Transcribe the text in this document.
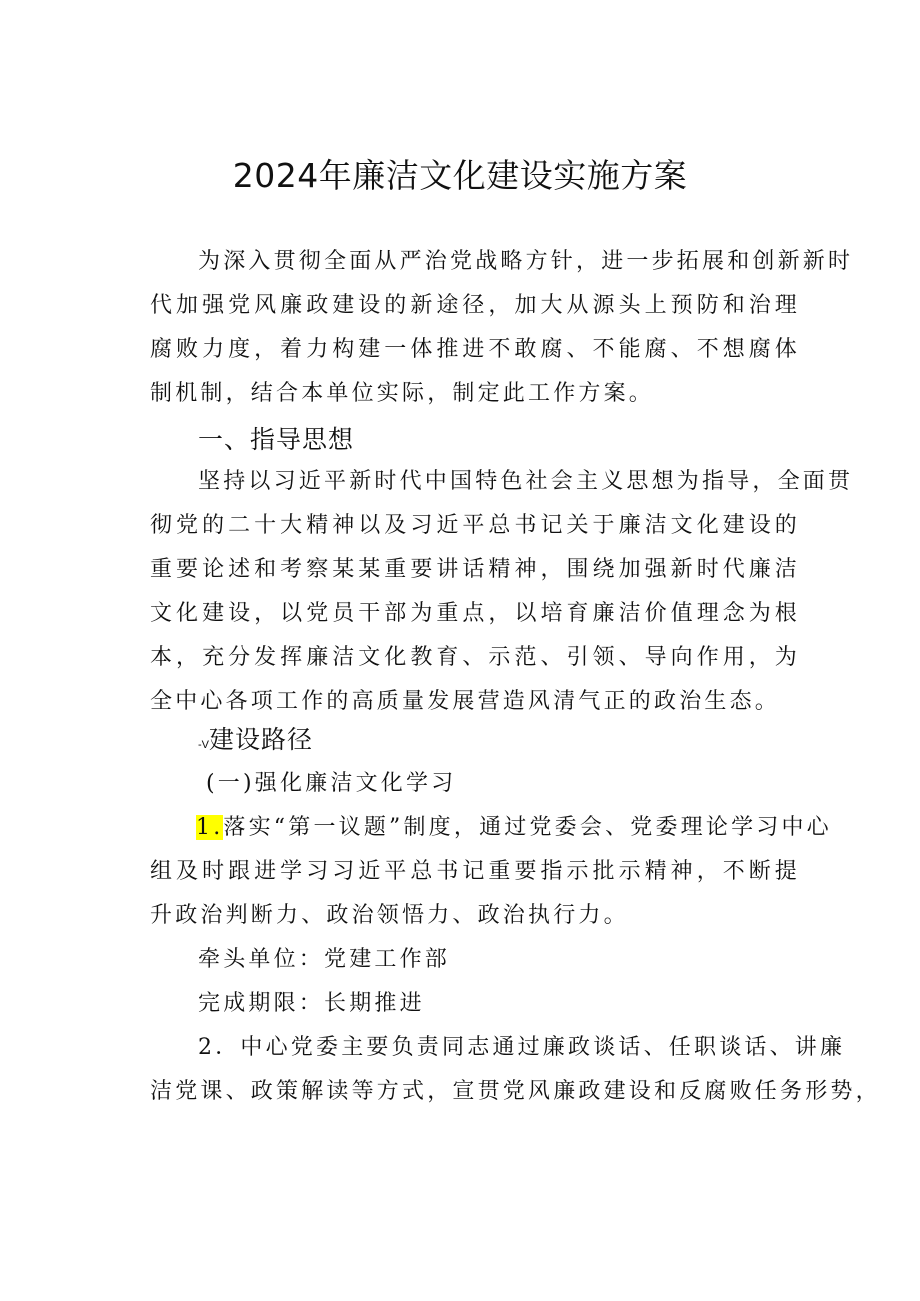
2024年廉洁文化建设实施方案

为深入贯彻全面从严治党战略方针，进一步拓展和创新新时

代加强党风廉政建设的新途径，加大从源头上预防和治理腐败力度，着力构建一体推进不敢腐、不能腐、不想腐体制机制，结合本单位实际，制定此工作方案。

一、指导思想

坚持以习近平新时代中国特色社会主义思想为指导，全面贯

彻党的二十大精神以及习近平总书记关于廉洁文化建设的重要论述和考察某某重要讲话精神，围绕加强新时代廉洁文化建设，以党员干部为重点，以培育廉洁价值理念为根本，充分发挥廉洁文化教育、示范、引领、导向作用，为全中心各项工作的高质量发展营造风清气正的政治生态。

-V建设路径

(一)强化廉洁文化学习

1.落实“第一议题”制度，通过党委会、党委理论学习中心

组及时跟进学习习近平总书记重要指示批示精神，不断提升政治判断力、政治领悟力、政治执行力。

牵头单位：党建工作部

完成期限：长期推进

2．中心党委主要负责同志通过廉政谈话、任职谈话、讲廉

洁党课、政策解读等方式，宣贯党风廉政建设和反腐败任务形势，
